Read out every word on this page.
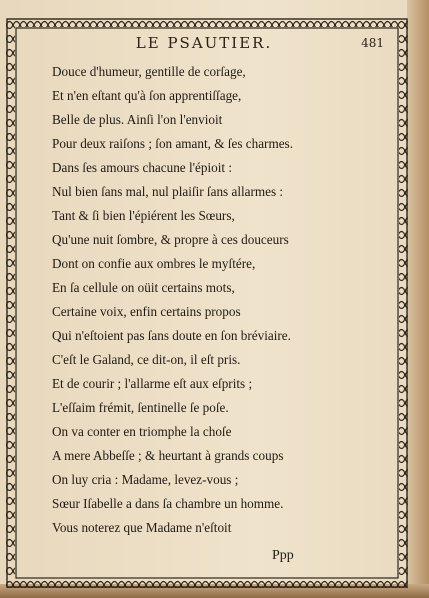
LE PSAUTIER.	481
Douce d'humeur, gentille de corſage,
Et n'en eſtant qu'à ſon apprentiſſage,
Belle de plus. Ainſi l'on l'envioit
Pour deux raiſons ; ſon amant, & ſes charmes.
Dans ſes amours chacune l'épioit :
Nul bien ſans mal, nul plaiſir ſans allarmes :
Tant & ſi bien l'épiérent les Sœurs,
Qu'une nuit ſombre, & propre à ces douceurs
Dont on confie aux ombres le myſtére,
En ſa cellule on oüit certains mots,
Certaine voix, enfin certains propos
Qui n'eſtoient pas ſans doute en ſon bréviaire.
C'eſt le Galand, ce dit-on, il eſt pris.
Et de courir ; l'allarme eſt aux eſprits ;
L'eſſaim frémit, ſentinelle ſe poſe.
On va conter en triomphe la choſe
A mere Abbeſſe ; & heurtant à grands coups
On luy cria : Madame, levez-vous ;
Sœur Iſabelle a dans ſa chambre un homme.
Vous noterez que Madame n'eſtoit
Ppp
